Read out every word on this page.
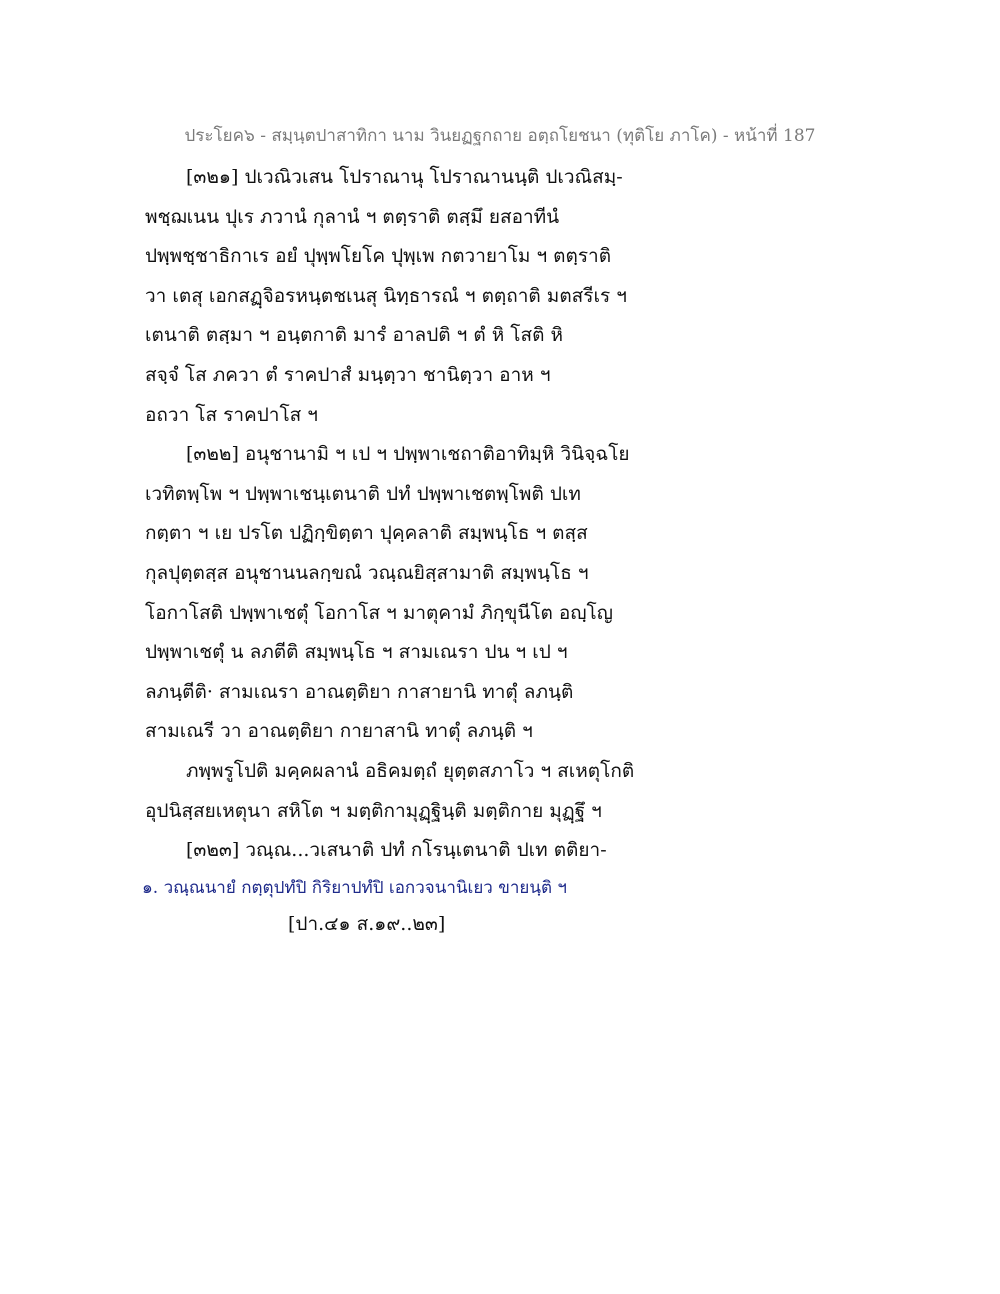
ประโยค๖ - สมฺนฺตปาสาทิกา นาม วินยฏฐกถาย อตฺถโยชนา (ทุติโย ภาโค) - หน้าที่ 187
[๓๒๑] ปเวณิวเสน โปราณานุ โปราณานนฺติ ปเวณิสมฺ-
พชฺฌเนน ปุเร ภวานํ กุลานํ ฯ ตตฺราติ ตสฺมึ ยสอาทีนํ
ปพฺพชฺชาธิกาเร อยํ ปุพฺพโยโค ปุพฺเพ กตวายาโม ฯ ตตฺราติ
วา เตสุ เอกสฏฺจิอรหนฺตชเนสุ นิทฺธารณํ ฯ ตตฺถาติ มตสรีเร ฯ
เตนาติ ตสฺมา ฯ อนฺตกาติ มารํ อาลปติ ฯ ตํ หิ โสติ หิ
สจฺจํ โส ภควา ตํ ราคปาสํ มนฺตฺวา ชานิตฺวา อาห ฯ
อถวา โส ราคปาโส ฯ
[๓๒๒] อนุชานามิ ฯ เป ฯ ปพฺพาเชถาติอาทิมฺหิ วินิจฺฉโย
เวทิตพฺโพ ฯ ปพฺพาเชนฺเตนาติ ปทํ ปพฺพาเชตพฺโพติ ปเท
กตฺตา ฯ เย ปรโต ปฏิกฺขิตฺตา ปุคฺคลาติ สมฺพนฺโธ ฯ ตสฺส
กุลปุตฺตสฺส อนุชานนลกฺขณํ วณฺณยิสฺสามาติ สมฺพนฺโธ ฯ
โอกาโสติ ปพฺพาเชตุํ โอกาโส ฯ มาตุคามํ ภิกฺขุนีโต อญฺโญ
ปพฺพาเชตุํ น ลภตีติ สมฺพนฺโธ ฯ สามเณรา ปน ฯ เป ฯ
ลภนฺตีติ· สามเณรา อาณตฺติยา กาสายานิ ทาตุํ ลภนฺติ
สามเณรี วา อาณตฺติยา กายาสานิ ทาตุํ ลภนฺติ ฯ
ภพฺพรูโปติ มคฺคผลานํ อธิคมตฺถํ ยุตฺตสภาโว ฯ สเหตุโกติ
อุปนิสฺสยเหตุนา สหิโต ฯ มตฺติกามุฏฺฐินฺติ มตฺติกาย มุฏฺฐึ ฯ
[๓๒๓] วณฺณ...วเสนาติ ปทํ กโรนฺเตนาติ ปเท ตติยา-
๑. วณฺณนายํ กตฺตุปทํปิ กิริยาปทํปิ เอกวจนานิเยว ขายนฺติ ฯ
[ปา.๔๑ ส.๑๙..๒๓]
